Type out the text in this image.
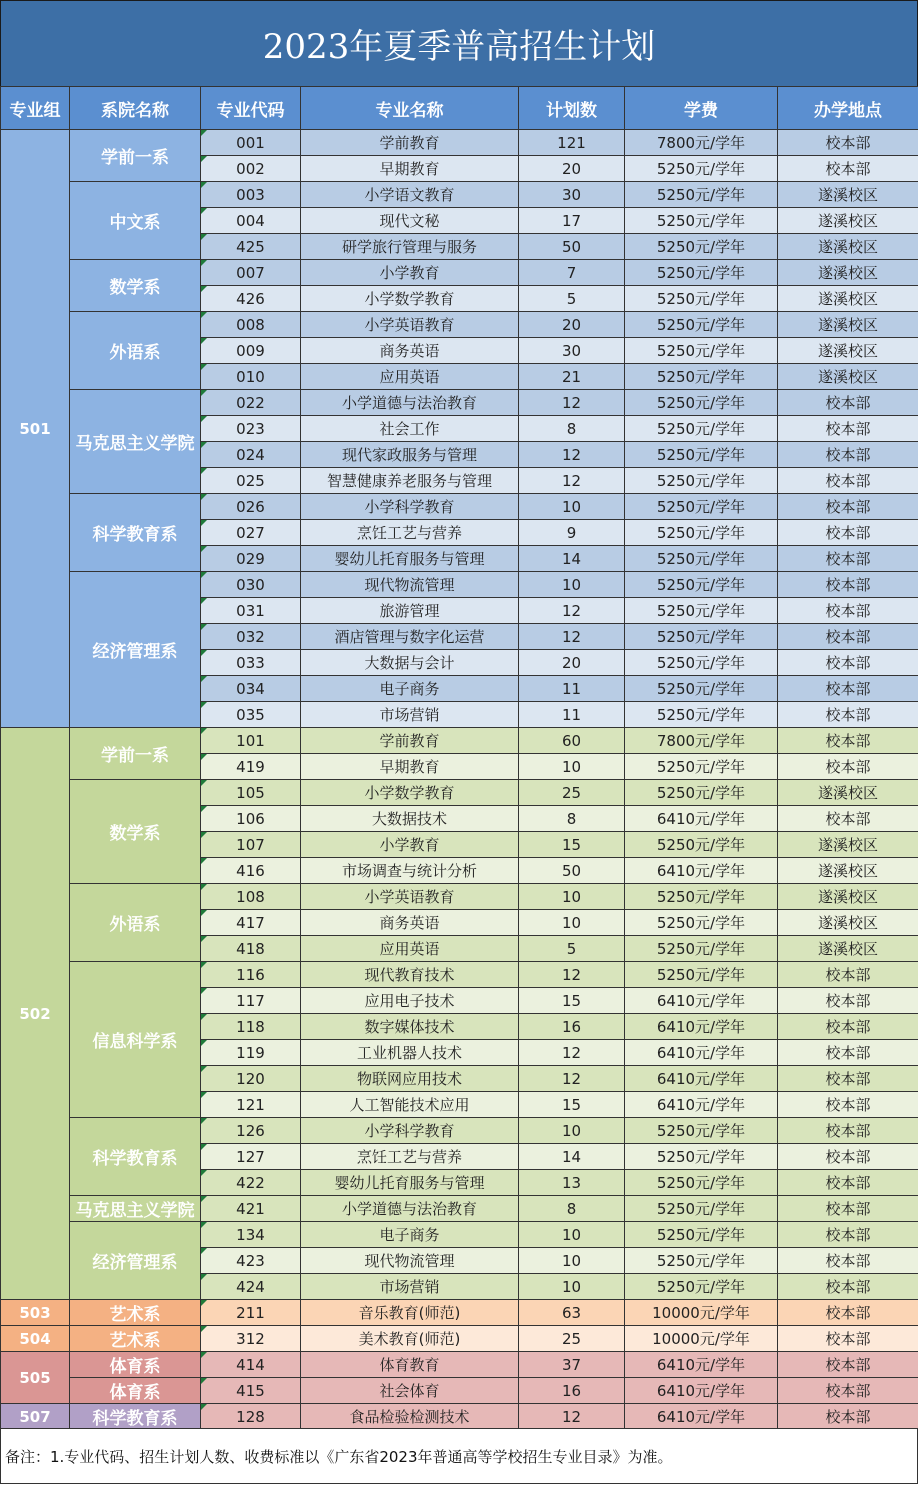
2023年夏季普高招生计划
专业组	系院名称	专业代码	专业名称	计划数	学费	办学地点
501	学前一系	001	学前教育	121	7800元/学年	校本部
		002	早期教育	20	5250元/学年	校本部
	中文系	003	小学语文教育	30	5250元/学年	遂溪校区
		004	现代文秘	17	5250元/学年	遂溪校区
		425	研学旅行管理与服务	50	5250元/学年	遂溪校区
	数学系	007	小学教育	7	5250元/学年	遂溪校区
		426	小学数学教育	5	5250元/学年	遂溪校区
	外语系	008	小学英语教育	20	5250元/学年	遂溪校区
		009	商务英语	30	5250元/学年	遂溪校区
		010	应用英语	21	5250元/学年	遂溪校区
	马克思主义学院	022	小学道德与法治教育	12	5250元/学年	校本部
		023	社会工作	8	5250元/学年	校本部
		024	现代家政服务与管理	12	5250元/学年	校本部
		025	智慧健康养老服务与管理	12	5250元/学年	校本部
	科学教育系	026	小学科学教育	10	5250元/学年	校本部
		027	烹饪工艺与营养	9	5250元/学年	校本部
		029	婴幼儿托育服务与管理	14	5250元/学年	校本部
	经济管理系	030	现代物流管理	10	5250元/学年	校本部
		031	旅游管理	12	5250元/学年	校本部
		032	酒店管理与数字化运营	12	5250元/学年	校本部
		033	大数据与会计	20	5250元/学年	校本部
		034	电子商务	11	5250元/学年	校本部
		035	市场营销	11	5250元/学年	校本部
502	学前一系	101	学前教育	60	7800元/学年	校本部
		419	早期教育	10	5250元/学年	校本部
	数学系	105	小学数学教育	25	5250元/学年	遂溪校区
		106	大数据技术	8	6410元/学年	校本部
		107	小学教育	15	5250元/学年	遂溪校区
		416	市场调查与统计分析	50	6410元/学年	遂溪校区
	外语系	108	小学英语教育	10	5250元/学年	遂溪校区
		417	商务英语	10	5250元/学年	遂溪校区
		418	应用英语	5	5250元/学年	遂溪校区
	信息科学系	116	现代教育技术	12	5250元/学年	校本部
		117	应用电子技术	15	6410元/学年	校本部
		118	数字媒体技术	16	6410元/学年	校本部
		119	工业机器人技术	12	6410元/学年	校本部
		120	物联网应用技术	12	6410元/学年	校本部
		121	人工智能技术应用	15	6410元/学年	校本部
	科学教育系	126	小学科学教育	10	5250元/学年	校本部
		127	烹饪工艺与营养	14	5250元/学年	校本部
		422	婴幼儿托育服务与管理	13	5250元/学年	校本部
	马克思主义学院	421	小学道德与法治教育	8	5250元/学年	校本部
	经济管理系	134	电子商务	10	5250元/学年	校本部
		423	现代物流管理	10	5250元/学年	校本部
		424	市场营销	10	5250元/学年	校本部
503	艺术系	211	音乐教育(师范)	63	10000元/学年	校本部
504	艺术系	312	美术教育(师范)	25	10000元/学年	校本部
505	体育系	414	体育教育	37	6410元/学年	校本部
	体育系	415	社会体育	16	6410元/学年	校本部
507	科学教育系	128	食品检验检测技术	12	6410元/学年	校本部
备注：1.专业代码、招生计划人数、收费标准以《广东省2023年普通高等学校招生专业目录》为准。
